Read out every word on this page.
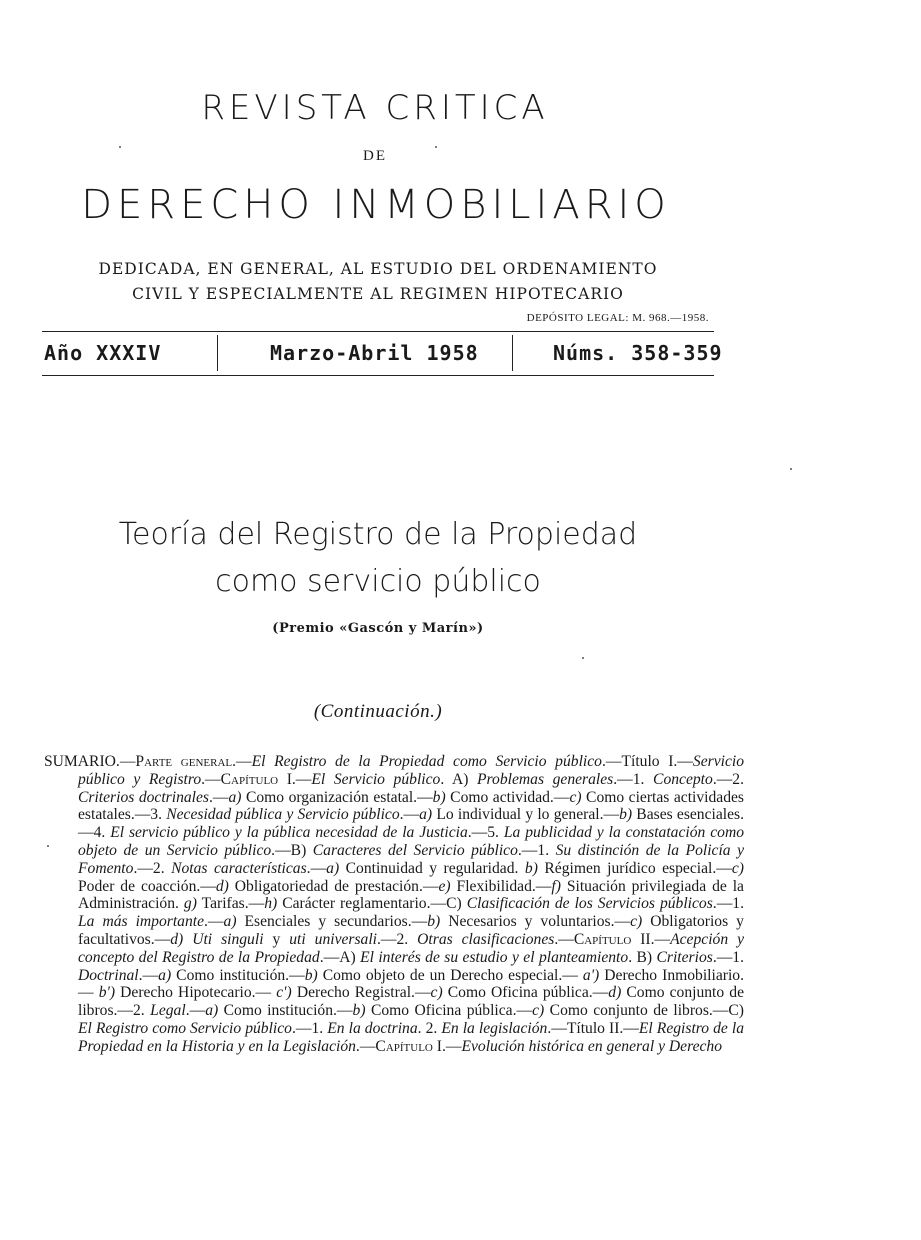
REVISTA CRITICA
DE
DERECHO INMOBILIARIO
DEDICADA, EN GENERAL, AL ESTUDIO DEL ORDENAMIENTO
CIVIL Y ESPECIALMENTE AL REGIMEN HIPOTECARIO
DEPÓSITO LEGAL: M. 968.—1958.
Año XXXIV	Marzo-Abril 1958	Núms. 358-359
Teoría del Registro de la Propiedad
como servicio público
(Premio «Gascón y Marín»)
(Continuación.)
SUMARIO.—Parte general.—El Registro de la Propiedad como Servicio público.—Título I.—Servicio público y Registro.—Capítulo I.—El Servicio público. A) Problemas generales.—1. Concepto.—2. Criterios doctrinales.—a) Como organización estatal.—b) Como actividad.—c) Como ciertas actividades estatales.—3. Necesidad pública y Servicio público.—a) Lo individual y lo general.—b) Bases esenciales.—4. El servicio público y la pública necesidad de la Justicia.—5. La publicidad y la constatación como objeto de un Servicio público.—B) Caracteres del Servicio público.—1. Su distinción de la Policía y Fomento.—2. Notas características.—a) Continuidad y regularidad. b) Régimen jurídico especial.—c) Poder de coacción.—d) Obligatoriedad de prestación.—e) Flexibilidad.—f) Situación privilegiada de la Administración. g) Tarifas.—h) Carácter reglamentario.—C) Clasificación de los Servicios públicos.—1. La más importante.—a) Esenciales y secundarios.—b) Necesarios y voluntarios.—c) Obligatorios y facultativos.—d) Uti singuli y uti universali.—2. Otras clasificaciones.—Capítulo II.—Acepción y concepto del Registro de la Propiedad.—A) El interés de su estudio y el planteamiento. B) Criterios.—1. Doctrinal.—a) Como institución.—b) Como objeto de un Derecho especial.— a') Derecho Inmobiliario.— b') Derecho Hipotecario.— c') Derecho Registral.—c) Como Oficina pública.—d) Como conjunto de libros.—2. Legal.—a) Como institución.—b) Como Oficina pública.—c) Como conjunto de libros.—C) El Registro como Servicio público.—1. En la doctrina. 2. En la legislación.—Título II.—El Registro de la Propiedad en la Historia y en la Legislación.—Capítulo I.—Evolución histórica en general y Derecho
